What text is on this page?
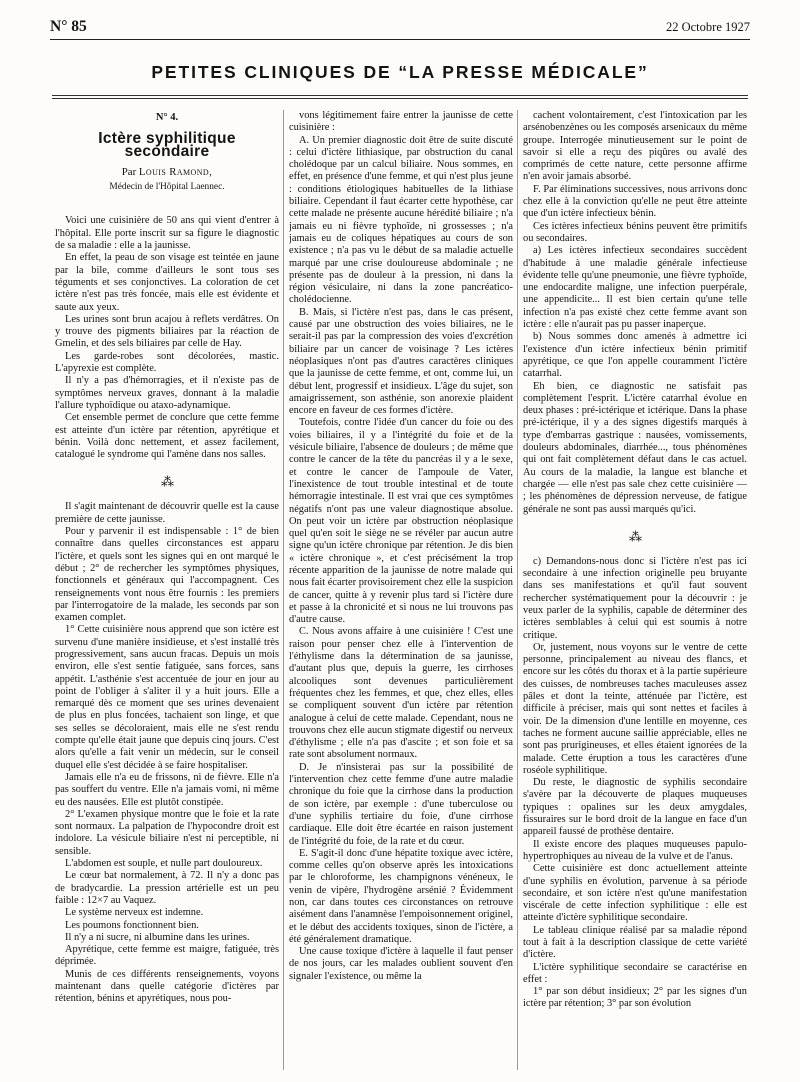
N° 85	22 Octobre 1927
PETITES CLINIQUES DE “LA PRESSE MÉDICALE”
N° 4.
Ictère syphilitique secondaire
Par Louis Ramond,
Médecin de l'Hôpital Laennec.

Voici une cuisinière de 50 ans qui vient d'entrer à l'hôpital. Elle porte inscrit sur sa figure le diagnostic de sa maladie : elle a la jaunisse.

En effet, la peau de son visage est teintée en jaune par la bile, comme d'ailleurs le sont tous ses téguments et ses conjonctives. La coloration de cet ictère n'est pas très foncée, mais elle est évidente et saute aux yeux.

Les urines sont brun acajou à reflets verdâtres. On y trouve des pigments biliaires par la réaction de Gmelin, et des sels biliaires par celle de Hay.

Les garde-robes sont décolorées, mastic. L'apyrexie est complète.

Il n'y a pas d'hémorragies, et il n'existe pas de symptômes nerveux graves, donnant à la maladie l'allure typhoïdique ou ataxo-adynamique.

Cet ensemble permet de conclure que cette femme est atteinte d'un ictère par rétention, apyrétique et bénin. Voilà donc nettement, et assez facilement, catalogué le syndrome qui l'amène dans nos salles.

⁂

Il s'agit maintenant de découvrir quelle est la cause première de cette jaunisse.

Pour y parvenir il est indispensable : 1° de bien connaître dans quelles circonstances est apparu l'ictère, et quels sont les signes qui en ont marqué le début ; 2° de rechercher les symptômes physiques, fonctionnels et généraux qui l'accompagnent. Ces renseignements vont nous être fournis : les premiers par l'interrogatoire de la malade, les seconds par son examen complet.

1° Cette cuisinière nous apprend que son ictère est survenu d'une manière insidieuse, et s'est installé très progressivement, sans aucun fracas. Depuis un mois environ, elle s'est sentie fatiguée, sans forces, sans appétit. L'asthénie s'est accentuée de jour en jour au point de l'obliger à s'aliter il y a huit jours. Elle a remarqué dès ce moment que ses urines devenaient de plus en plus foncées, tachaient son linge, et que ses selles se décoloraient, mais elle ne s'est rendu compte qu'elle était jaune que depuis cinq jours. C'est alors qu'elle a fait venir un médecin, sur le conseil duquel elle s'est décidée à se faire hospitaliser.

Jamais elle n'a eu de frissons, ni de fièvre. Elle n'a pas souffert du ventre. Elle n'a jamais vomi, ni même eu des nausées. Elle est plutôt constipée.

2° L'examen physique montre que le foie et la rate sont normaux. La palpation de l'hypocondre droit est indolore. La vésicule biliaire n'est ni perceptible, ni sensible.

L'abdomen est souple, et nulle part douloureux.

Le cœur bat normalement, à 72. Il n'y a donc pas de bradycardie. La pression artérielle est un peu faible : 12×7 au Vaquez.

Le système nerveux est indemne.

Les poumons fonctionnent bien.

Il n'y a ni sucre, ni albumine dans les urines.

Apyrétique, cette femme est maigre, fatiguée, très déprimée.

Munis de ces différents renseignements, voyons maintenant dans quelle catégorie d'ictères par rétention, bénins et apyrétiques, nous pou-

vons légitimement faire entrer la jaunisse de cette cuisinière :

A. Un premier diagnostic doit être de suite discuté : celui d'ictère lithiasique, par obstruction du canal cholédoque par un calcul biliaire. Nous sommes, en effet, en présence d'une femme, et qui n'est plus jeune : conditions étiologiques habituelles de la lithiase biliaire. Cependant il faut écarter cette hypothèse, car cette malade ne présente aucune hérédité biliaire ; n'a jamais eu ni fièvre typhoïde, ni grossesses ; n'a jamais eu de coliques hépatiques au cours de son existence ; n'a pas vu le début de sa maladie actuelle marqué par une crise douloureuse abdominale ; ne présente pas de douleur à la pression, ni dans la région vésiculaire, ni dans la zone pancréatico-cholédocienne.

B. Mais, si l'ictère n'est pas, dans le cas présent, causé par une obstruction des voies biliaires, ne le serait-il pas par la compression des voies d'excrétion biliaire par un cancer de voisinage ? Les ictères néoplasiques n'ont pas d'autres caractères cliniques que la jaunisse de cette femme, et ont, comme lui, un début lent, progressif et insidieux. L'âge du sujet, son amaigrissement, son asthénie, son anorexie plaident encore en faveur de ces formes d'ictère.

Toutefois, contre l'idée d'un cancer du foie ou des voies biliaires, il y a l'intégrité du foie et de la vésicule biliaire, l'absence de douleurs ; de même que contre le cancer de la tête du pancréas il y a le sexe, et contre le cancer de l'ampoule de Vater, l'inexistence de tout trouble intestinal et de toute hémorragie intestinale. Il est vrai que ces symptômes négatifs n'ont pas une valeur diagnostique absolue. On peut voir un ictère par obstruction néoplasique quel qu'en soit le siège ne se révéler par aucun autre signe qu'un ictère chronique par rétention. Je dis bien « ictère chronique », et c'est précisément la trop récente apparition de la jaunisse de notre malade qui nous fait écarter provisoirement chez elle la suspicion de cancer, quitte à y revenir plus tard si l'ictère dure et passe à la chronicité et si nous ne lui trouvons pas d'autre cause.

C. Nous avons affaire à une cuisinière ! C'est une raison pour penser chez elle à l'intervention de l'éthylisme dans la détermination de sa jaunisse, d'autant plus que, depuis la guerre, les cirrhoses alcooliques sont devenues particulièrement fréquentes chez les femmes, et que, chez elles, elles se compliquent souvent d'un ictère par rétention analogue à celui de cette malade. Cependant, nous ne trouvons chez elle aucun stigmate digestif ou nerveux d'éthylisme ; elle n'a pas d'ascite ; et son foie et sa rate sont absolument normaux.

D. Je n'insisterai pas sur la possibilité de l'intervention chez cette femme d'une autre maladie chronique du foie que la cirrhose dans la production de son ictère, par exemple : d'une tuberculose ou d'une syphilis tertiaire du foie, d'une cirrhose cardiaque. Elle doit être écartée en raison justement de l'intégrité du foie, de la rate et du cœur.

E. S'agit-il donc d'une hépatite toxique avec ictère, comme celles qu'on observe après les intoxications par le chloroforme, les champignons vénéneux, le venin de vipère, l'hydrogène arsénié ? Évidemment non, car dans toutes ces circonstances on retrouve aisément dans l'anamnèse l'empoisonnement originel, et le début des accidents toxiques, sinon de l'ictère, a été généralement dramatique.

Une cause toxique d'ictère à laquelle il faut penser de nos jours, car les malades oublient souvent d'en signaler l'existence, ou même la

cachent volontairement, c'est l'intoxication par les arsénobenzènes ou les composés arsenicaux du même groupe. Interrogée minutieusement sur le point de savoir si elle a reçu des piqûres ou avalé des comprimés de cette nature, cette personne affirme n'en avoir jamais absorbé.

F. Par éliminations successives, nous arrivons donc chez elle à la conviction qu'elle ne peut être atteinte que d'un ictère infectieux bénin.

Ces ictères infectieux bénins peuvent être primitifs ou secondaires.

a) Les ictères infectieux secondaires succèdent d'habitude à une maladie générale infectieuse évidente telle qu'une pneumonie, une fièvre typhoïde, une endocardite maligne, une infection puerpérale, une appendicite... Il est bien certain qu'une telle infection n'a pas existé chez cette femme avant son ictère : elle n'aurait pas pu passer inaperçue.

b) Nous sommes donc amenés à admettre ici l'existence d'un ictère infectieux bénin primitif apyrétique, ce que l'on appelle couramment l'ictère catarrhal.

Eh bien, ce diagnostic ne satisfait pas complètement l'esprit. L'ictère catarrhal évolue en deux phases : pré-ictérique et ictérique. Dans la phase pré-ictérique, il y a des signes digestifs marqués à type d'embarras gastrique : nausées, vomissements, douleurs abdominales, diarrhée..., tous phénomènes qui ont fait complètement défaut dans le cas actuel. Au cours de la maladie, la langue est blanche et chargée — elle n'est pas sale chez cette cuisinière — ; les phénomènes de dépression nerveuse, de fatigue générale ne sont pas aussi marqués qu'ici.

⁂

c) Demandons-nous donc si l'ictère n'est pas ici secondaire à une infection originelle peu bruyante dans ses manifestations et qu'il faut souvent rechercher systématiquement pour la découvrir : je veux parler de la syphilis, capable de déterminer des ictères semblables à celui qui est soumis à notre critique.

Or, justement, nous voyons sur le ventre de cette personne, principalement au niveau des flancs, et encore sur les côtés du thorax et à la partie supérieure des cuisses, de nombreuses taches maculeuses assez pâles et dont la teinte, atténuée par l'ictère, est difficile à préciser, mais qui sont nettes et faciles à voir. De la dimension d'une lentille en moyenne, ces taches ne forment aucune saillie appréciable, elles ne sont pas prurigineuses, et elles étaient ignorées de la malade. Cette éruption a tous les caractères d'une roséole syphilitique.

Du reste, le diagnostic de syphilis secondaire s'avère par la découverte de plaques muqueuses typiques : opalines sur les deux amygdales, fissuraires sur le bord droit de la langue en face d'un appareil faussé de prothèse dentaire.

Il existe encore des plaques muqueuses papulo-hypertrophiques au niveau de la vulve et de l'anus.

Cette cuisinière est donc actuellement atteinte d'une syphilis en évolution, parvenue à sa période secondaire, et son ictère n'est qu'une manifestation viscérale de cette infection syphilitique : elle est atteinte d'ictère syphilitique secondaire.

Le tableau clinique réalisé par sa maladie répond tout à fait à la description classique de cette variété d'ictère.

L'ictère syphilitique secondaire se caractérise en effet :

1° par son début insidieux; 2° par les signes d'un ictère par rétention; 3° par son évolution
